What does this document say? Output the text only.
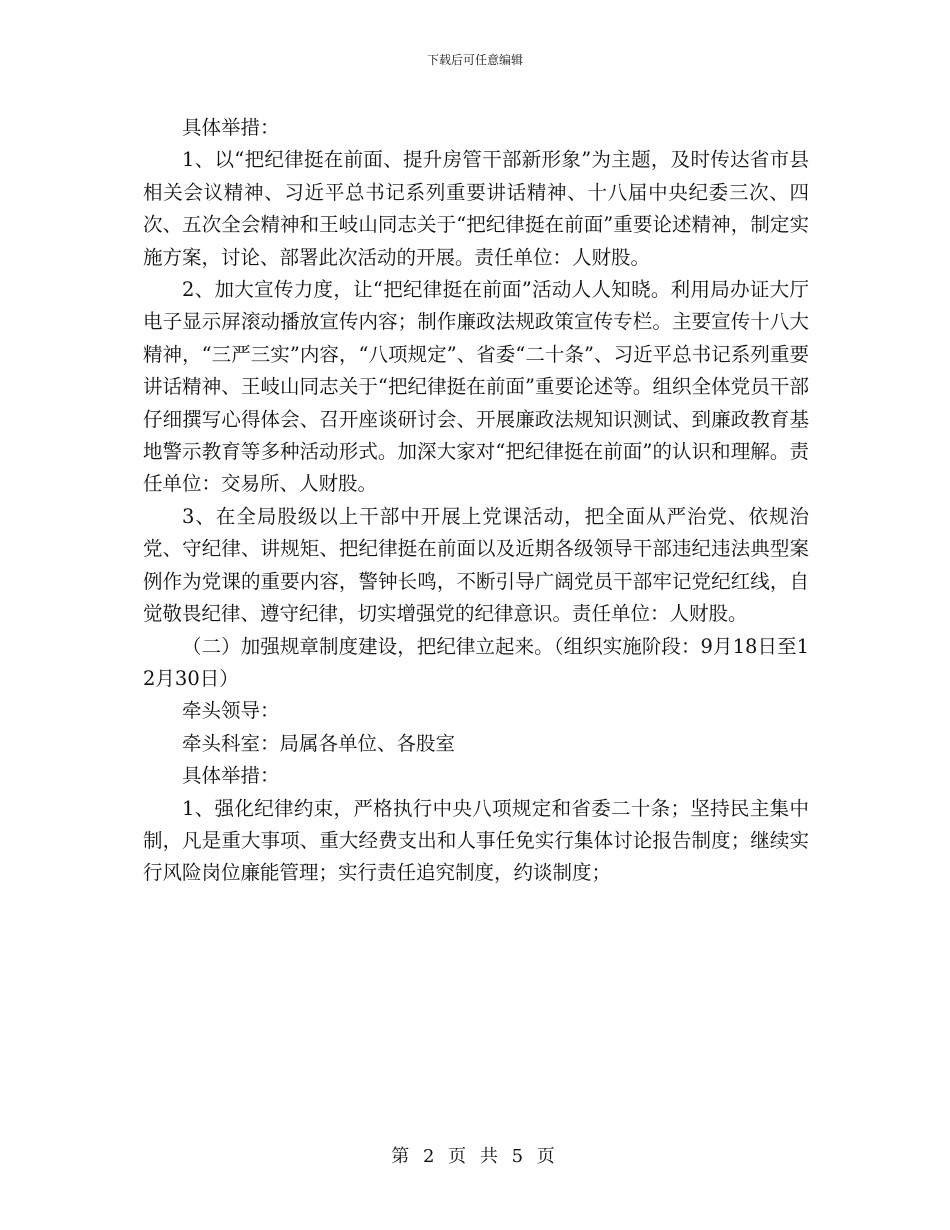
下载后可任意编辑

具体举措：

1、以“把纪律挺在前面、提升房管干部新形象”为主题，及时传达省市县相关会议精神、习近平总书记系列重要讲话精神、十八届中央纪委三次、四次、五次全会精神和王岐山同志关于“把纪律挺在前面”重要论述精神，制定实施方案，讨论、部署此次活动的开展。责任单位：人财股。

2、加大宣传力度，让“把纪律挺在前面”活动人人知晓。利用局办证大厅电子显示屏滚动播放宣传内容；制作廉政法规政策宣传专栏。主要宣传十八大精神，“三严三实”内容，“八项规定”、省委“二十条”、习近平总书记系列重要讲话精神、王岐山同志关于“把纪律挺在前面”重要论述等。组织全体党员干部仔细撰写心得体会、召开座谈研讨会、开展廉政法规知识测试、到廉政教育基地警示教育等多种活动形式。加深大家对“把纪律挺在前面”的认识和理解。责任单位：交易所、人财股。

3、在全局股级以上干部中开展上党课活动，把全面从严治党、依规治党、守纪律、讲规矩、把纪律挺在前面以及近期各级领导干部违纪违法典型案例作为党课的重要内容，警钟长鸣，不断引导广阔党员干部牢记党纪红线，自觉敬畏纪律、遵守纪律，切实增强党的纪律意识。责任单位：人财股。

（二）加强规章制度建设，把纪律立起来。（组织实施阶段：9月18日至12月30日）

牵头领导：

牵头科室：局属各单位、各股室

具体举措：

1、强化纪律约束，严格执行中央八项规定和省委二十条；坚持民主集中制，凡是重大事项、重大经费支出和人事任免实行集体讨论报告制度；继续实行风险岗位廉能管理；实行责任追究制度，约谈制度；

第 2 页 共 5 页
